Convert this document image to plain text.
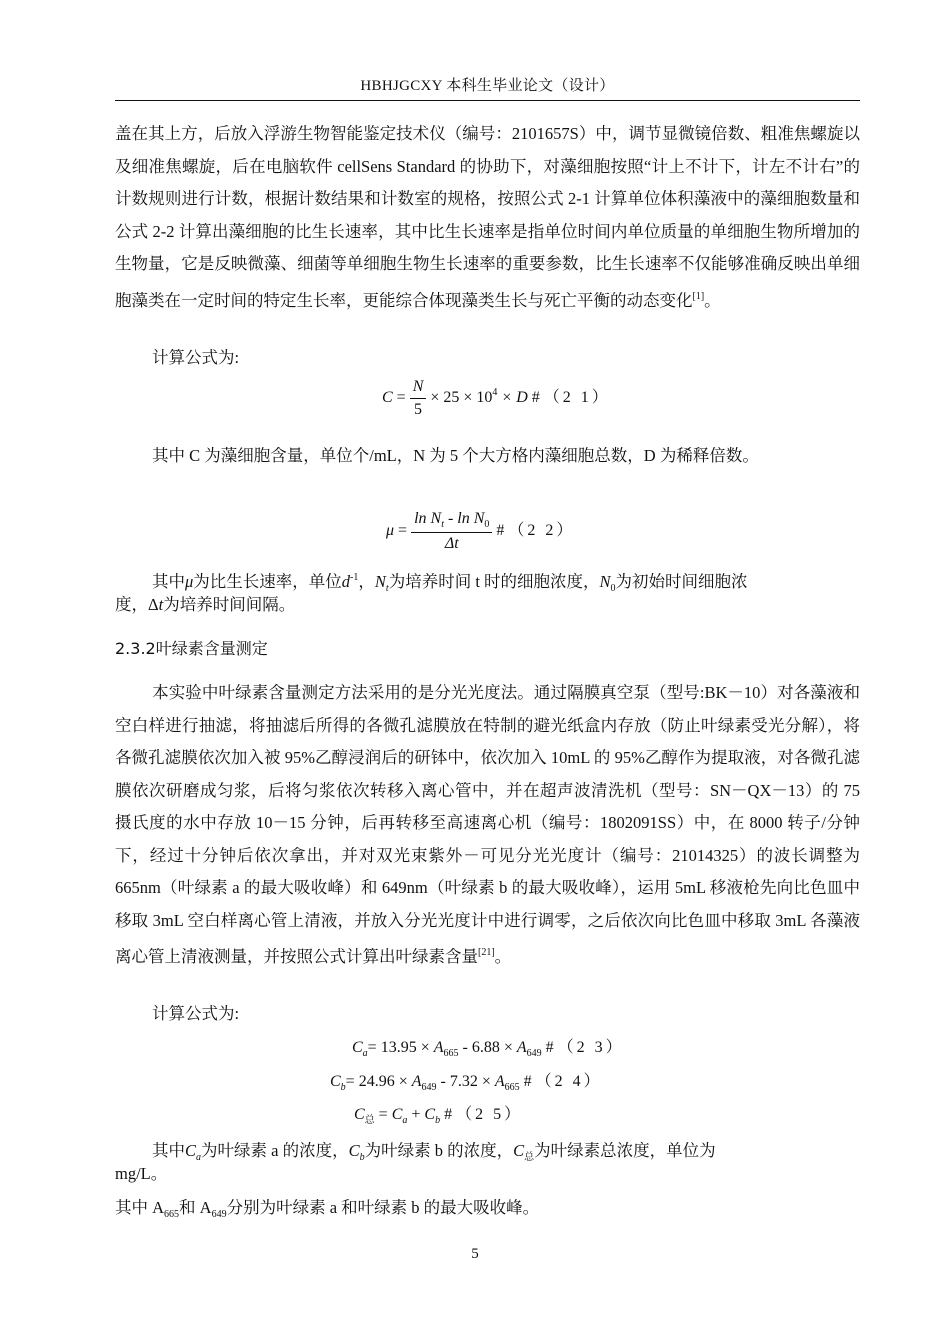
HBHJGCXY 本科生毕业论文（设计）
盖在其上方，后放入浮游生物智能鉴定技术仪（编号：2101657S）中，调节显微镜倍数、粗准焦螺旋以及细准焦螺旋，后在电脑软件 cellSens Standard 的协助下，对藻细胞按照“计上不计下，计左不计右”的计数规则进行计数，根据计数结果和计数室的规格，按照公式 2-1 计算单位体积藻液中的藻细胞数量和公式 2-2 计算出藻细胞的比生长速率，其中比生长速率是指单位时间内单位质量的单细胞生物所增加的生物量，它是反映微藻、细菌等单细胞生物生长速率的重要参数，比生长速率不仅能够准确反映出单细胞藻类在一定时间的特定生长率，更能综合体现藻类生长与死亡平衡的动态变化[1]。
计算公式为:
$C = \frac{N}{5} \times 25 \times 10^4 \times D$ # （2 1）
其中 C 为藻细胞含量，单位个/mL，N 为 5 个大方格内藻细胞总数，D 为稀释倍数。
$\mu = \frac{\ln N_t - \ln N_0}{\Delta t}$ # （2 2）
其中μ为比生长速率，单位$d^{-1}$，$N_t$为培养时间 t 时的细胞浓度，$N_0$为初始时间细胞浓
度，Δt为培养时间间隔。
2.3.2叶绿素含量测定
本实验中叶绿素含量测定方法采用的是分光光度法。通过隔膜真空泵（型号:BK－10）对各藻液和空白样进行抽滤，将抽滤后所得的各微孔滤膜放在特制的避光纸盒内存放（防止叶绿素受光分解），将各微孔滤膜依次加入被 95%乙醇浸润后的研钵中，依次加入 10mL 的 95%乙醇作为提取液，对各微孔滤膜依次研磨成匀浆，后将匀浆依次转移入离心管中，并在超声波清洗机（型号：SN－QX－13）的 75 摄氏度的水中存放 10－15 分钟，后再转移至高速离心机（编号：1802091SS）中，在 8000 转子/分钟下，经过十分钟后依次拿出，并对双光束紫外－可见分光光度计（编号：21014325）的波长调整为 665nm（叶绿素 a 的最大吸收峰）和 649nm（叶绿素 b 的最大吸收峰），运用 5mL 移液枪先向比色皿中移取 3mL 空白样离心管上清液，并放入分光光度计中进行调零，之后依次向比色皿中移取 3mL 各藻液离心管上清液测量，并按照公式计算出叶绿素含量[21]。
计算公式为:
$C_a= 13.95 \times A_{665} - 6.88 \times A_{649}$ # （2 3）
$C_b= 24.96 \times A_{649} - 7.32 \times A_{665}$ # （2 4）
$C_总 = C_a + C_b$ # （2 5）
其中$C_a$为叶绿素 a 的浓度，$C_b$为叶绿素 b 的浓度，$C_总$为叶绿素总浓度，单位为
mg/L。
其中 $A_{665}$和 $A_{649}$分别为叶绿素 a 和叶绿素 b 的最大吸收峰。
5
